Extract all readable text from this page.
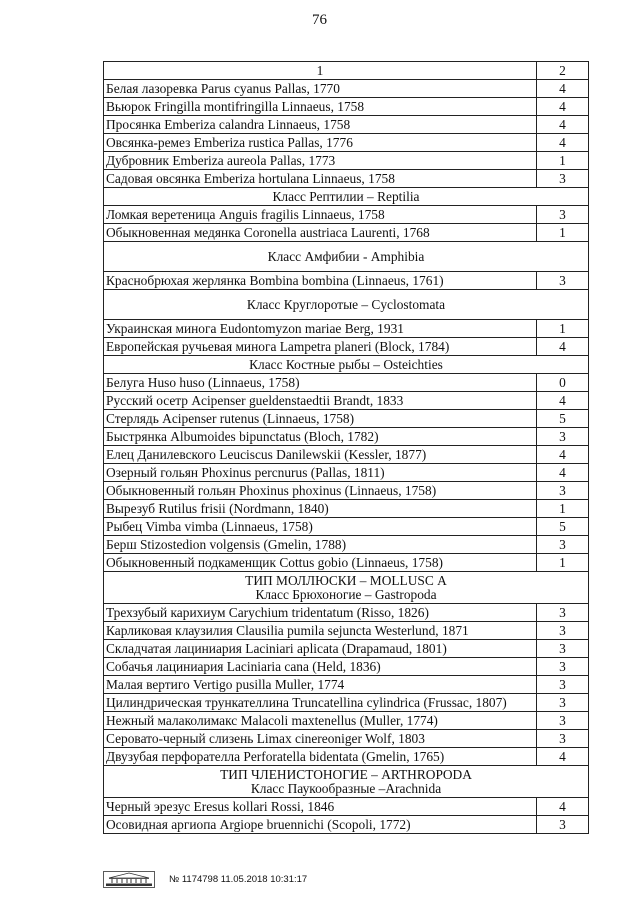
76
1	2
Белая лазоревка Parus cyanus Pallas, 1770	4
Вьюрок Fringilla montifringilla Linnaeus, 1758	4
Просянка Emberiza calandra Linnaeus, 1758	4
Овсянка-ремез Emberiza rustica Pallas, 1776	4
Дубровник Emberiza aureola Pallas, 1773	1
Садовая овсянка Emberiza hortulana Linnaeus, 1758	3

Класс Рептилии – Reptilia	

Ломкая веретеница Anguis fragilis Linnaeus, 1758	3
Обыкновенная медянка Coronella austriaca Laurenti, 1768	1

Класс Амфибии - Amphibia	

Краснобрюхая жерлянка Bombina bombina (Linnaeus, 1761)	3

Класс Круглоротые – Cyclostomata	

Украинская минога Eudontomyzon mariae Berg, 1931	1
Европейская ручьевая минога Lampetra planeri (Block, 1784)	4

Класс Костные рыбы – Osteichties	

Белуга Huso huso (Linnaeus, 1758)	0
Русский осетр Acipenser gueldenstaedtii Brandt, 1833	4
Стерлядь Acipenser rutenus (Linnaeus, 1758)	5
Быстрянка Albumoides bipunctatus (Bloch, 1782)	3
Елец Данилевского Leuciscus Danilewskii (Kessler, 1877)	4
Озерный гольян Phoxinus percnurus (Pallas, 1811)	4
Обыкновенный гольян Phoxinus phoxinus (Linnaeus, 1758)	3
Вырезуб Rutilus frisii (Nordmann, 1840)	1
Рыбец Vimba vimba (Linnaeus, 1758)	5
Берш Stizostedion volgensis (Gmelin, 1788)	3
Обыкновенный подкаменщик Cottus gobio (Linnaeus, 1758)	1

ТИП МОЛЛЮСКИ – MOLLUSC А
Класс Брюхоногие – Gastropoda	

Трехзубый карихиум Carychium tridentatum (Risso, 1826)	3
Карликовая клаузилия Clausilia pumila sejuncta Westerlund, 1871	3
Складчатая лациниария Laciniari aplicata (Drapamaud, 1801)	3
Собачья лациниария Laciniaria cana (Held, 1836)	3
Малая вертиго Vertigo pusilla Muller, 1774	3
Цилиндрическая трункателлина Truncatellina cylindrica (Frussac, 1807)	3
Нежный малаколимакс Malacoli maxtenellus (Muller, 1774)	3
Серовато-черный слизень Limax cinereoniger Wolf, 1803	3
Двузубая перфорателла Perforatella bidentata (Gmelin, 1765)	4

ТИП ЧЛЕНИСТОНОГИЕ – ARTHROPODA
Класс Паукообразные –Arachnida	

Черный эрезус Eresus kollari Rossi, 1846	4
Осовидная аргиопа Argiope bruennichi (Scopoli, 1772)	3
№ 1174798 11.05.2018 10:31:17
